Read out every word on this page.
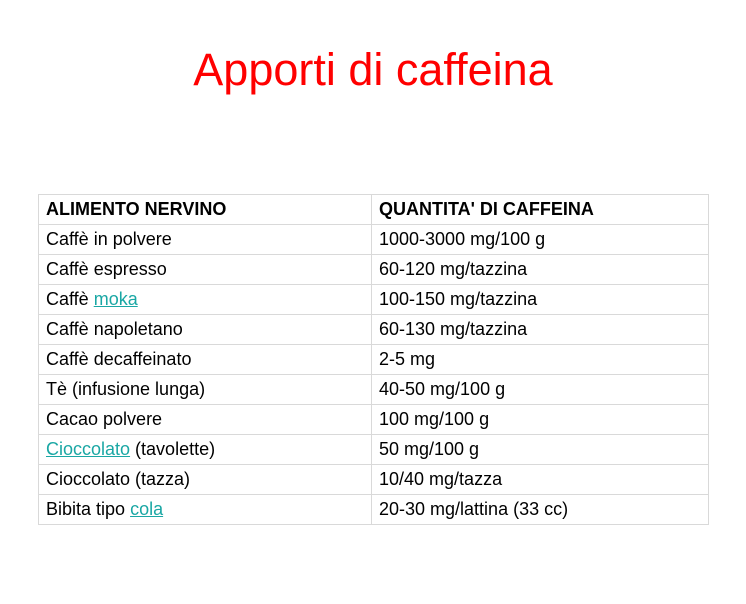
Apporti di caffeina
ALIMENTO NERVINO	QUANTITA' DI CAFFEINA
Caffè in polvere	1000-3000 mg/100 g
Caffè espresso	60-120 mg/tazzina
Caffè moka	100-150 mg/tazzina
Caffè napoletano	60-130 mg/tazzina
Caffè decaffeinato	2-5 mg
Tè (infusione lunga)	40-50 mg/100 g
Cacao polvere	100 mg/100 g
Cioccolato (tavolette)	50 mg/100 g
Cioccolato (tazza)	10/40 mg/tazza
Bibita tipo cola	20-30 mg/lattina (33 cc)
